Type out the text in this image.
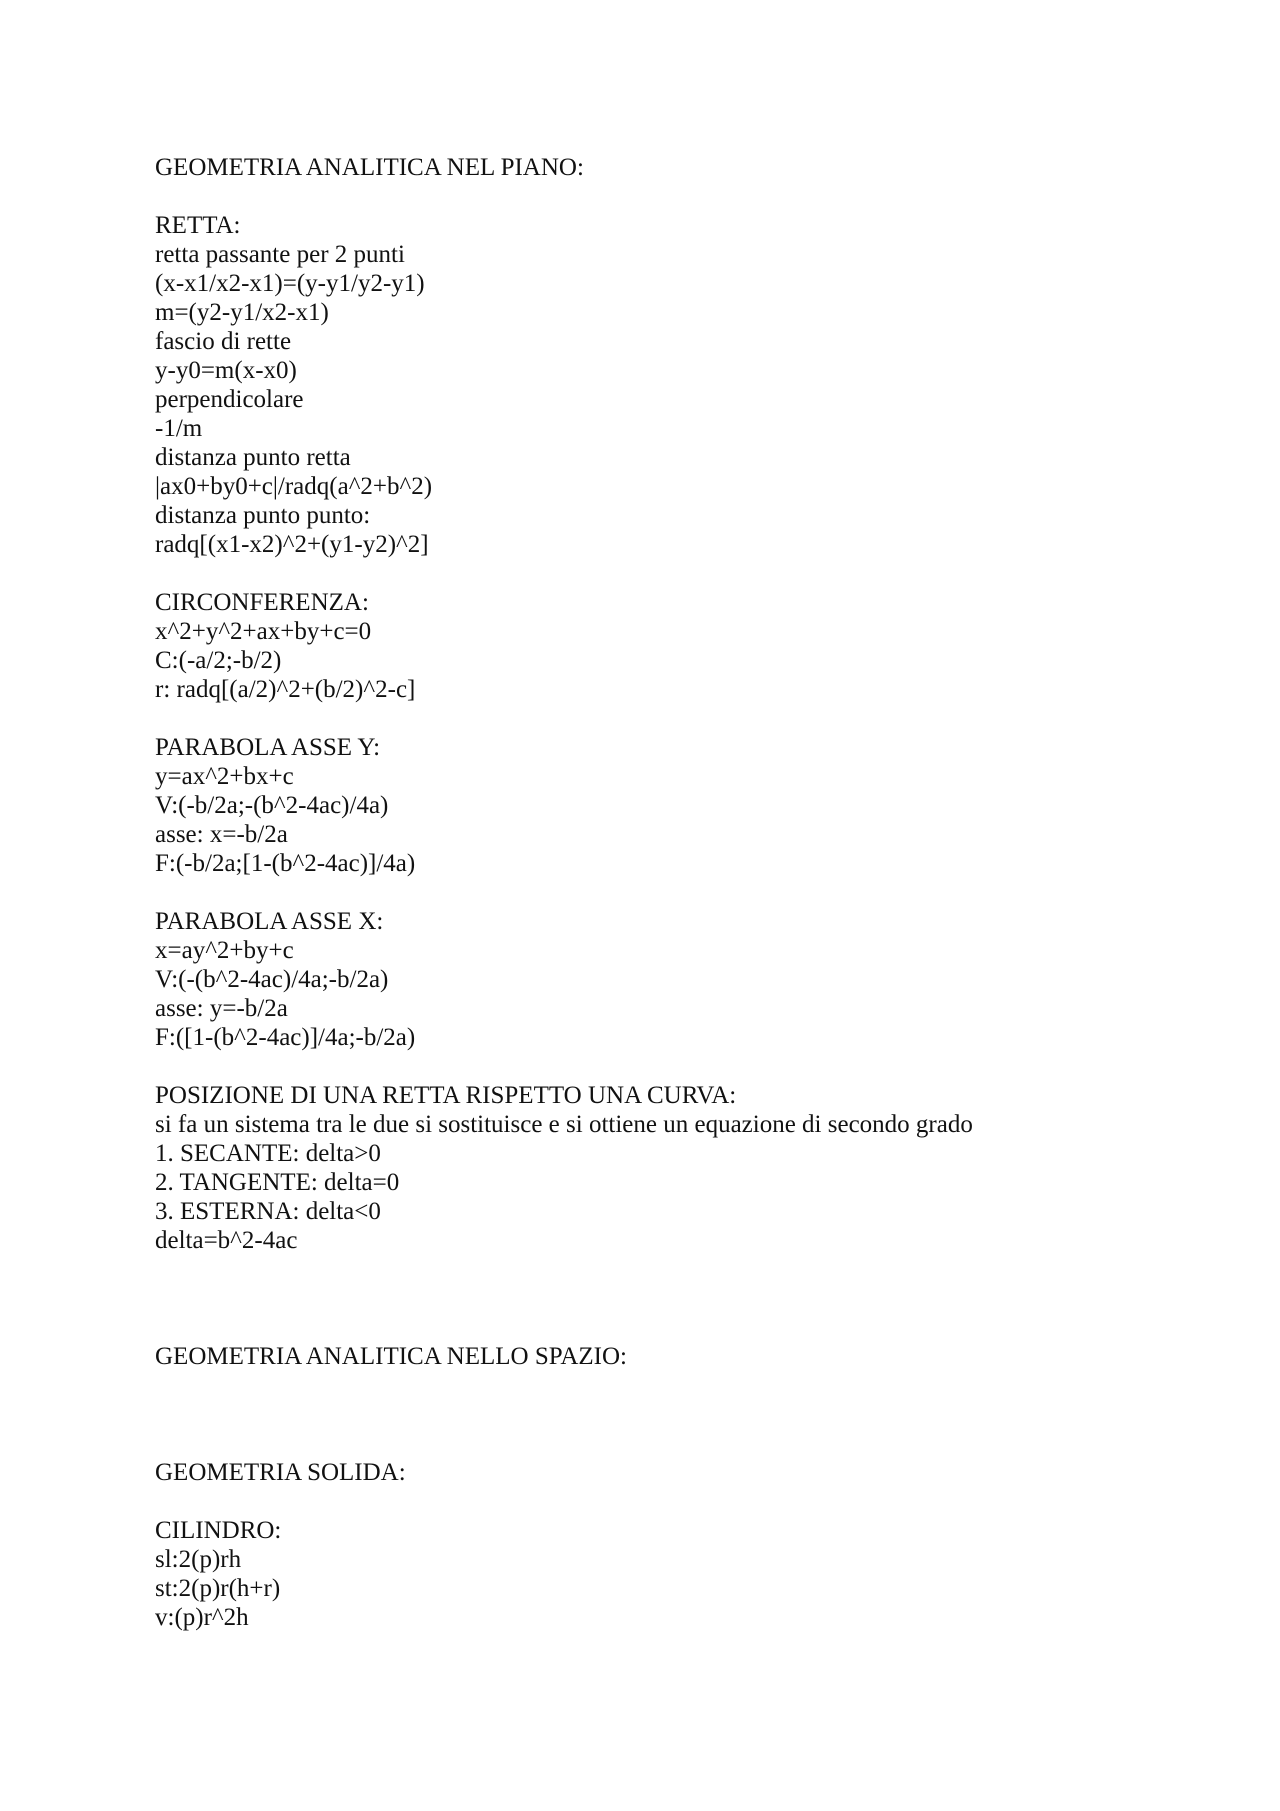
GEOMETRIA ANALITICA NEL PIANO:
RETTA:
retta passante per 2 punti
(x-x1/x2-x1)=(y-y1/y2-y1)
m=(y2-y1/x2-x1)
fascio di rette
y-y0=m(x-x0)
perpendicolare
-1/m
distanza punto retta
|ax0+by0+c|/radq(a^2+b^2)
distanza punto punto:
radq[(x1-x2)^2+(y1-y2)^2]
CIRCONFERENZA:
x^2+y^2+ax+by+c=0
C:(-a/2;-b/2)
r: radq[(a/2)^2+(b/2)^2-c]
PARABOLA ASSE Y:
y=ax^2+bx+c
V:(-b/2a;-(b^2-4ac)/4a)
asse: x=-b/2a
F:(-b/2a;[1-(b^2-4ac)]/4a)
PARABOLA ASSE X:
x=ay^2+by+c
V:(-(b^2-4ac)/4a;-b/2a)
asse: y=-b/2a
F:([1-(b^2-4ac)]/4a;-b/2a)
POSIZIONE DI UNA RETTA RISPETTO UNA CURVA:
si fa un sistema tra le due si sostituisce e si ottiene un equazione di secondo grado
1. SECANTE: delta>0
2. TANGENTE: delta=0
3. ESTERNA: delta<0
delta=b^2-4ac
GEOMETRIA ANALITICA NELLO SPAZIO:
GEOMETRIA SOLIDA:
CILINDRO:
sl:2(p)rh
st:2(p)r(h+r)
v:(p)r^2h
